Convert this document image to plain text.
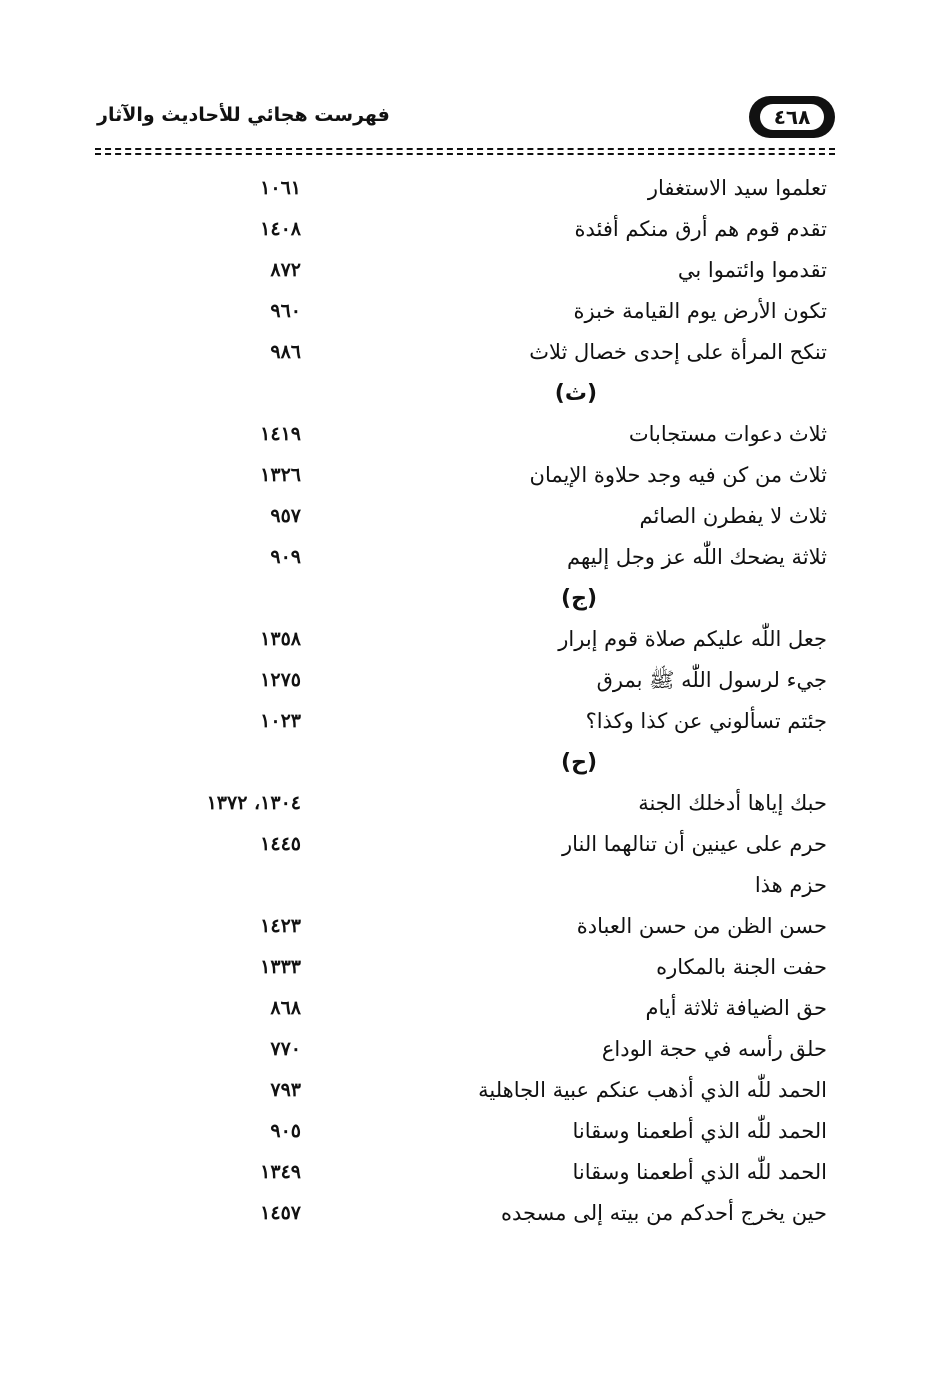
فهرست هجائي للأحاديث والآثار	٤٦٨
تعلموا سيد الاستغفار
١٠٦١
تقدم قوم هم أرق منكم أفئدة
١٤٠٨
تقدموا وائتموا بي
٨٧٢
تكون الأرض يوم القيامة خبزة
٩٦٠
تنكح المرأة على إحدى خصال ثلاث
٩٨٦
(ث)
ثلاث دعوات مستجابات
١٤١٩
ثلاث من كن فيه وجد حلاوة الإيمان
١٣٢٦
ثلاث لا يفطرن الصائم
٩٥٧
ثلاثة يضحك اللّٰه عز وجل إليهم
٩٠٩
(ج)
جعل اللّٰه عليكم صلاة قوم إبرار
١٣٥٨
جيء لرسول اللّٰه ﷺ بمرق
١٢٧٥
جئتم تسألوني عن كذا وكذا؟
١٠٢٣
(ح)
حبك إياها أدخلك الجنة
١٣٠٤، ١٣٧٢
حرم على عينين أن تنالهما النار
١٤٤٥
حزم هذا
حسن الظن من حسن العبادة
١٤٢٣
حفت الجنة بالمكاره
١٣٣٣
حق الضيافة ثلاثة أيام
٨٦٨
حلق رأسه في حجة الوداع
٧٧٠
الحمد للّٰه الذي أذهب عنكم عبية الجاهلية
٧٩٣
الحمد للّٰه الذي أطعمنا وسقانا
٩٠٥
الحمد للّٰه الذي أطعمنا وسقانا
١٣٤٩
حين يخرج أحدكم من بيته إلى مسجده
١٤٥٧
